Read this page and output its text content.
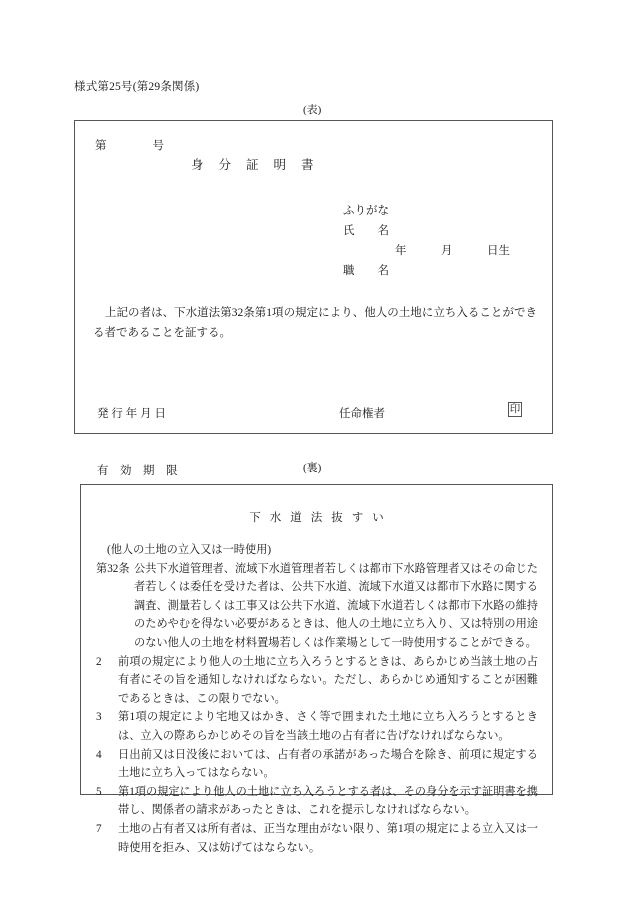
様式第25号(第29条関係)
(表)
第　　　　号
身分証明書
ふりがな
氏　　名
年　　　月　　　日生
職　　名
上記の者は、下水道法第32条第1項の規定により、他人の土地に立ち入ることができる者であることを証する。

発 行 年 月 日

有　効　期　限

任命権者	印
(裏)
下水道法抜すい
(他人の土地の立入又は一時使用)
第32条 公共下水道管理者、流域下水道管理者若しくは都市下水路管理者又はその命じた者若しくは委任を受けた者は、公共下水道、流域下水道又は都市下水路に関する調査、測量若しくは工事又は公共下水道、流域下水道若しくは都市下水路の維持のためやむを得ない必要があるときは、他人の土地に立ち入り、又は特別の用途のない他人の土地を材料置場若しくは作業場として一時使用することができる。
2	前項の規定により他人の土地に立ち入ろうとするときは、あらかじめ当該土地の占有者にその旨を通知しなければならない。ただし、あらかじめ通知することが困難であるときは、この限りでない。
3	第1項の規定により宅地又はかき、さく等で囲まれた土地に立ち入ろうとするときは、立入の際あらかじめその旨を当該土地の占有者に告げなければならない。
4	日出前又は日没後においては、占有者の承諾があった場合を除き、前項に規定する土地に立ち入ってはならない。
5	第1項の規定により他人の土地に立ち入ろうとする者は、その身分を示す証明書を携帯し、関係者の請求があったときは、これを提示しなければならない。
7	土地の占有者又は所有者は、正当な理由がない限り、第1項の規定による立入又は一時使用を拒み、又は妨げてはならない。
